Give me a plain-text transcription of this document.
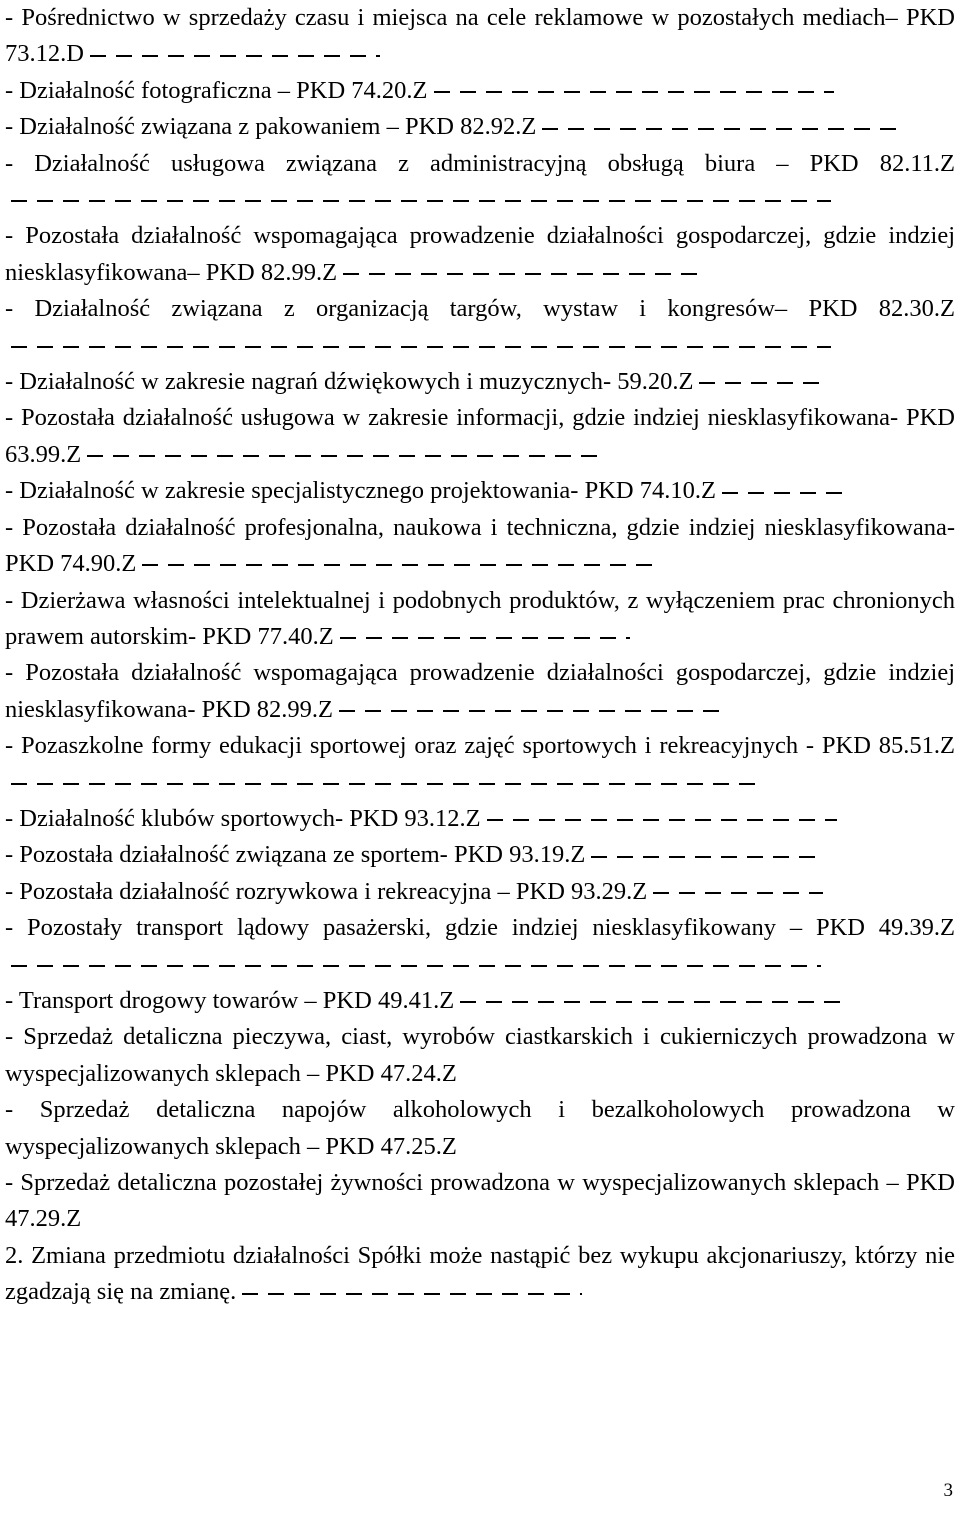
- Pośrednictwo w sprzedaży czasu i miejsca na cele reklamowe w pozostałych mediach– PKD 73.12.D

- Działalność fotograficzna – PKD 74.20.Z

- Działalność związana z pakowaniem – PKD 82.92.Z

- Działalność usługowa związana z administracyjną obsługą biura – PKD 82.11.Z

- Pozostała działalność wspomagająca prowadzenie działalności gospodarczej, gdzie indziej niesklasyfikowana– PKD 82.99.Z

- Działalność związana z organizacją targów, wystaw i kongresów– PKD 82.30.Z

- Działalność w zakresie nagrań dźwiękowych i muzycznych- 59.20.Z

- Pozostała działalność usługowa w zakresie informacji, gdzie indziej niesklasyfikowana- PKD 63.99.Z

- Działalność w zakresie specjalistycznego projektowania- PKD 74.10.Z

- Pozostała działalność profesjonalna, naukowa i techniczna, gdzie indziej niesklasyfikowana- PKD 74.90.Z

- Dzierżawa własności intelektualnej i podobnych produktów, z wyłączeniem prac chronionych prawem autorskim- PKD 77.40.Z

- Pozostała działalność wspomagająca prowadzenie działalności gospodarczej, gdzie indziej niesklasyfikowana- PKD 82.99.Z

- Pozaszkolne formy edukacji sportowej oraz zajęć sportowych i rekreacyjnych - PKD 85.51.Z

- Działalność klubów sportowych- PKD 93.12.Z

- Pozostała działalność związana ze sportem- PKD 93.19.Z

- Pozostała działalność rozrywkowa i rekreacyjna – PKD 93.29.Z

- Pozostały transport lądowy pasażerski, gdzie indziej niesklasyfikowany – PKD 49.39.Z

- Transport drogowy towarów – PKD 49.41.Z

- Sprzedaż detaliczna pieczywa, ciast, wyrobów ciastkarskich i cukierniczych prowadzona w wyspecjalizowanych sklepach – PKD 47.24.Z

- Sprzedaż detaliczna napojów alkoholowych i bezalkoholowych prowadzona w wyspecjalizowanych sklepach – PKD 47.25.Z

- Sprzedaż detaliczna pozostałej żywności prowadzona w wyspecjalizowanych sklepach – PKD 47.29.Z

2. Zmiana przedmiotu działalności Spółki może nastąpić bez wykupu akcjonariuszy, którzy nie zgadzają się na zmianę.

3
